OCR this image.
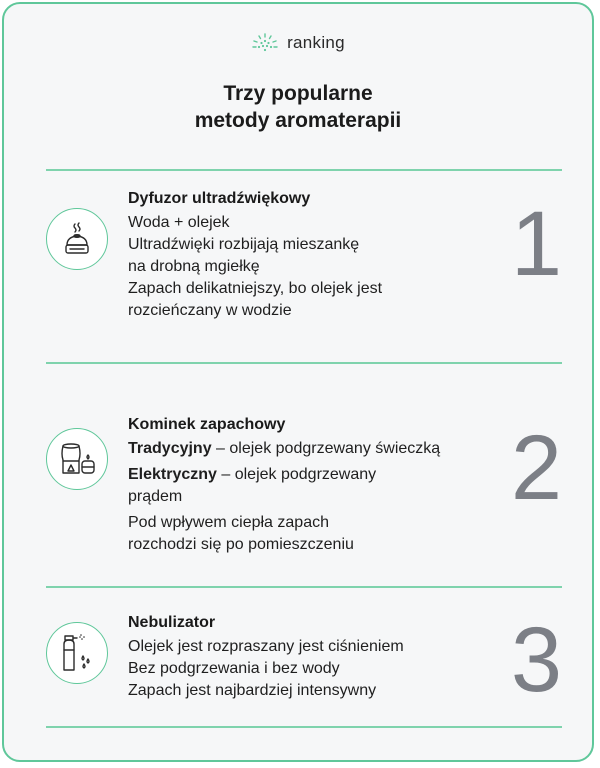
ranking
Trzy popularne
metody aromaterapii
Dyfuzor ultradźwiękowy
Woda + olejek
Ultradźwięki rozbijają mieszankę
na drobną mgiełkę
Zapach delikatniejszy, bo olejek jest
rozcieńczany w wodzie
1
Kominek zapachowy
Tradycyjny – olejek podgrzewany świeczką
Elektryczny – olejek podgrzewany
prądem
Pod wpływem ciepła zapach
rozchodzi się po pomieszczeniu
2
Nebulizator
Olejek jest rozpraszany jest ciśnieniem
Bez podgrzewania i bez wody
Zapach jest najbardziej intensywny	3
